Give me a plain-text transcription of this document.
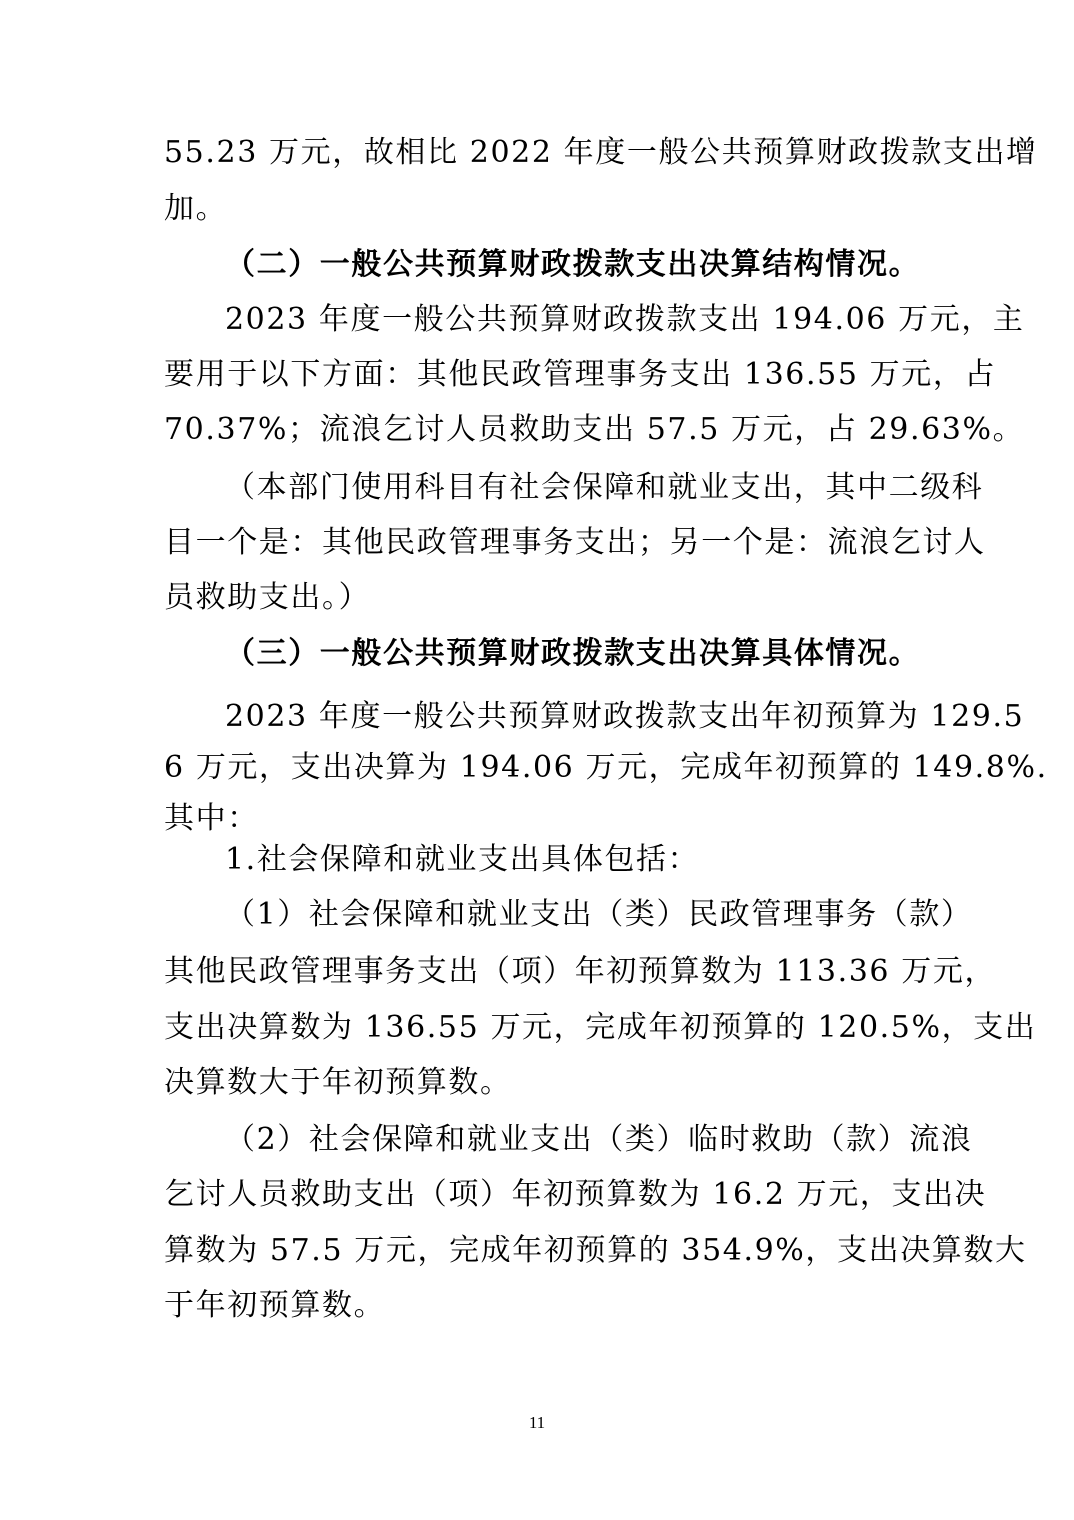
55.23 万元，故相比 2022 年度一般公共预算财政拨款支出增
加。
（二）一般公共预算财政拨款支出决算结构情况。
2023 年度一般公共预算财政拨款支出 194.06 万元，主
要用于以下方面：其他民政管理事务支出 136.55 万元，占
70.37%；流浪乞讨人员救助支出 57.5 万元，占 29.63%。
（本部门使用科目有社会保障和就业支出，其中二级科
目一个是：其他民政管理事务支出；另一个是：流浪乞讨人
员救助支出。）
（三）一般公共预算财政拨款支出决算具体情况。
2023 年度一般公共预算财政拨款支出年初预算为 129.5
6 万元，支出决算为 194.06 万元，完成年初预算的 149.8%.
其中：
1.社会保障和就业支出具体包括：
（1）社会保障和就业支出（类）民政管理事务（款）
其他民政管理事务支出（项）年初预算数为 113.36 万元，
支出决算数为 136.55 万元，完成年初预算的 120.5%，支出
决算数大于年初预算数。
（2）社会保障和就业支出（类）临时救助（款）流浪
乞讨人员救助支出（项）年初预算数为 16.2 万元，支出决
算数为 57.5 万元，完成年初预算的 354.9%，支出决算数大
于年初预算数。
11
